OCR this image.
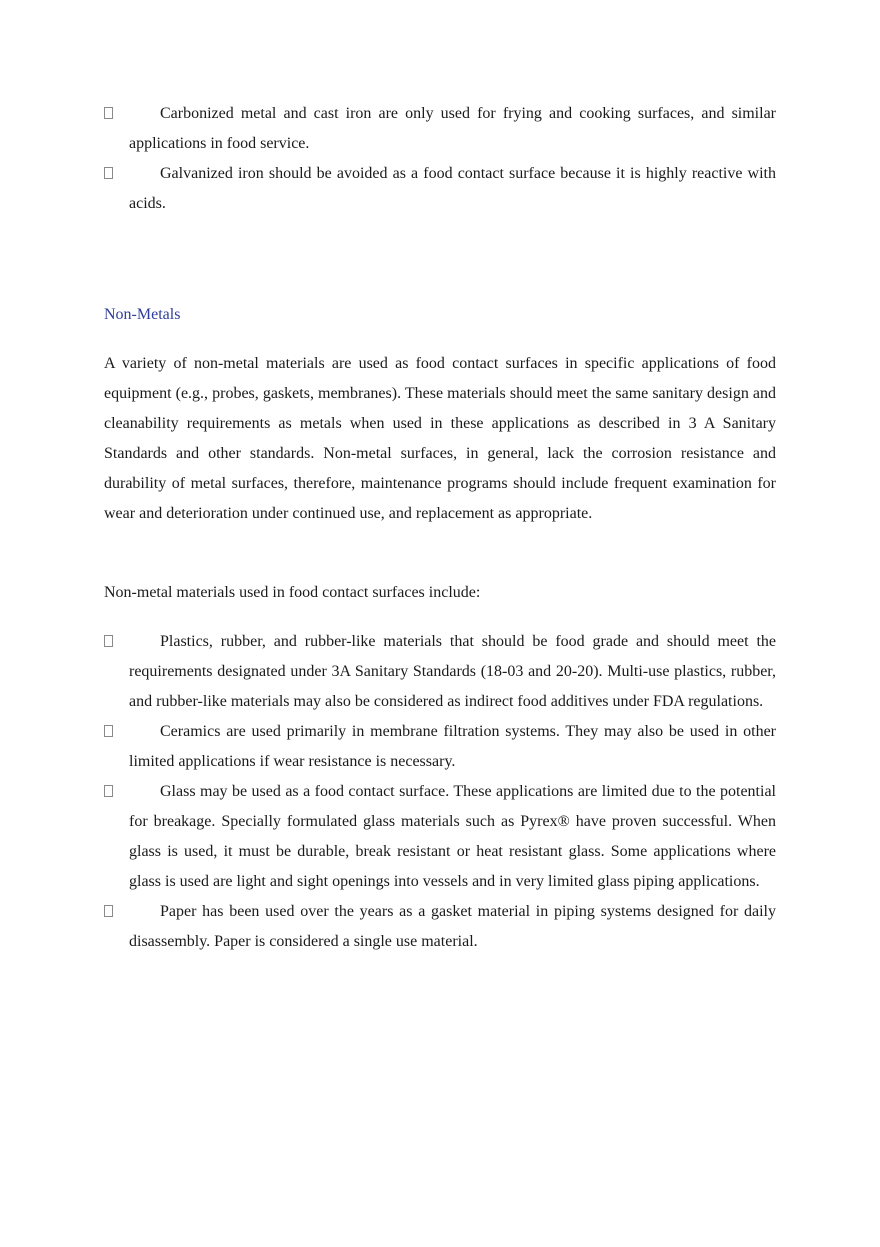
Carbonized metal and cast iron are only used for frying and cooking surfaces, and similar applications in food service.
Galvanized iron should be avoided as a food contact surface because it is highly reactive with acids.
Non-Metals

A variety of non-metal materials are used as food contact surfaces in specific applications of food equipment (e.g., probes, gaskets, membranes). These materials should meet the same sanitary design and cleanability requirements as metals when used in these applications as described in 3 A Sanitary Standards and other standards. Non-metal surfaces, in general, lack the corrosion resistance and durability of metal surfaces, therefore, maintenance programs should include frequent examination for wear and deterioration under continued use, and replacement as appropriate.

Non-metal materials used in food contact surfaces include:

Plastics, rubber, and rubber-like materials that should be food grade and should meet the requirements designated under 3A Sanitary Standards (18-03 and 20-20). Multi-use plastics, rubber, and rubber-like materials may also be considered as indirect food additives under FDA regulations.
Ceramics are used primarily in membrane filtration systems. They may also be used in other limited applications if wear resistance is necessary.
Glass may be used as a food contact surface. These applications are limited due to the potential for breakage. Specially formulated glass materials such as Pyrex® have proven successful. When glass is used, it must be durable, break resistant or heat resistant glass. Some applications where glass is used are light and sight openings into vessels and in very limited glass piping applications.
Paper has been used over the years as a gasket material in piping systems designed for daily disassembly. Paper is considered a single use material.
